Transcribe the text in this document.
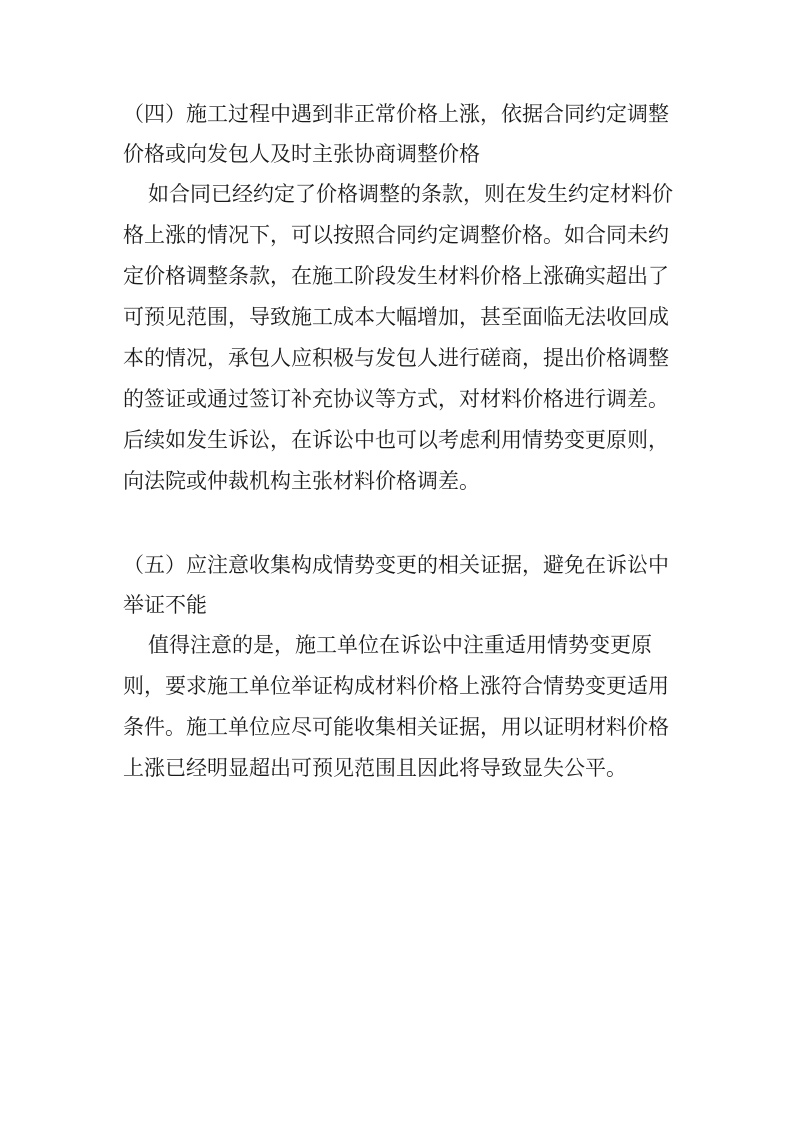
（四）施工过程中遇到非正常价格上涨，依据合同约定调整
价格或向发包人及时主张协商调整价格
如合同已经约定了价格调整的条款，则在发生约定材料价
格上涨的情况下，可以按照合同约定调整价格。如合同未约
定价格调整条款，在施工阶段发生材料价格上涨确实超出了
可预见范围，导致施工成本大幅增加，甚至面临无法收回成
本的情况，承包人应积极与发包人进行磋商，提出价格调整
的签证或通过签订补充协议等方式，对材料价格进行调差。
后续如发生诉讼，在诉讼中也可以考虑利用情势变更原则，
向法院或仲裁机构主张材料价格调差。
（五）应注意收集构成情势变更的相关证据，避免在诉讼中
举证不能
值得注意的是，施工单位在诉讼中注重适用情势变更原
则，要求施工单位举证构成材料价格上涨符合情势变更适用
条件。施工单位应尽可能收集相关证据，用以证明材料价格
上涨已经明显超出可预见范围且因此将导致显失公平。
